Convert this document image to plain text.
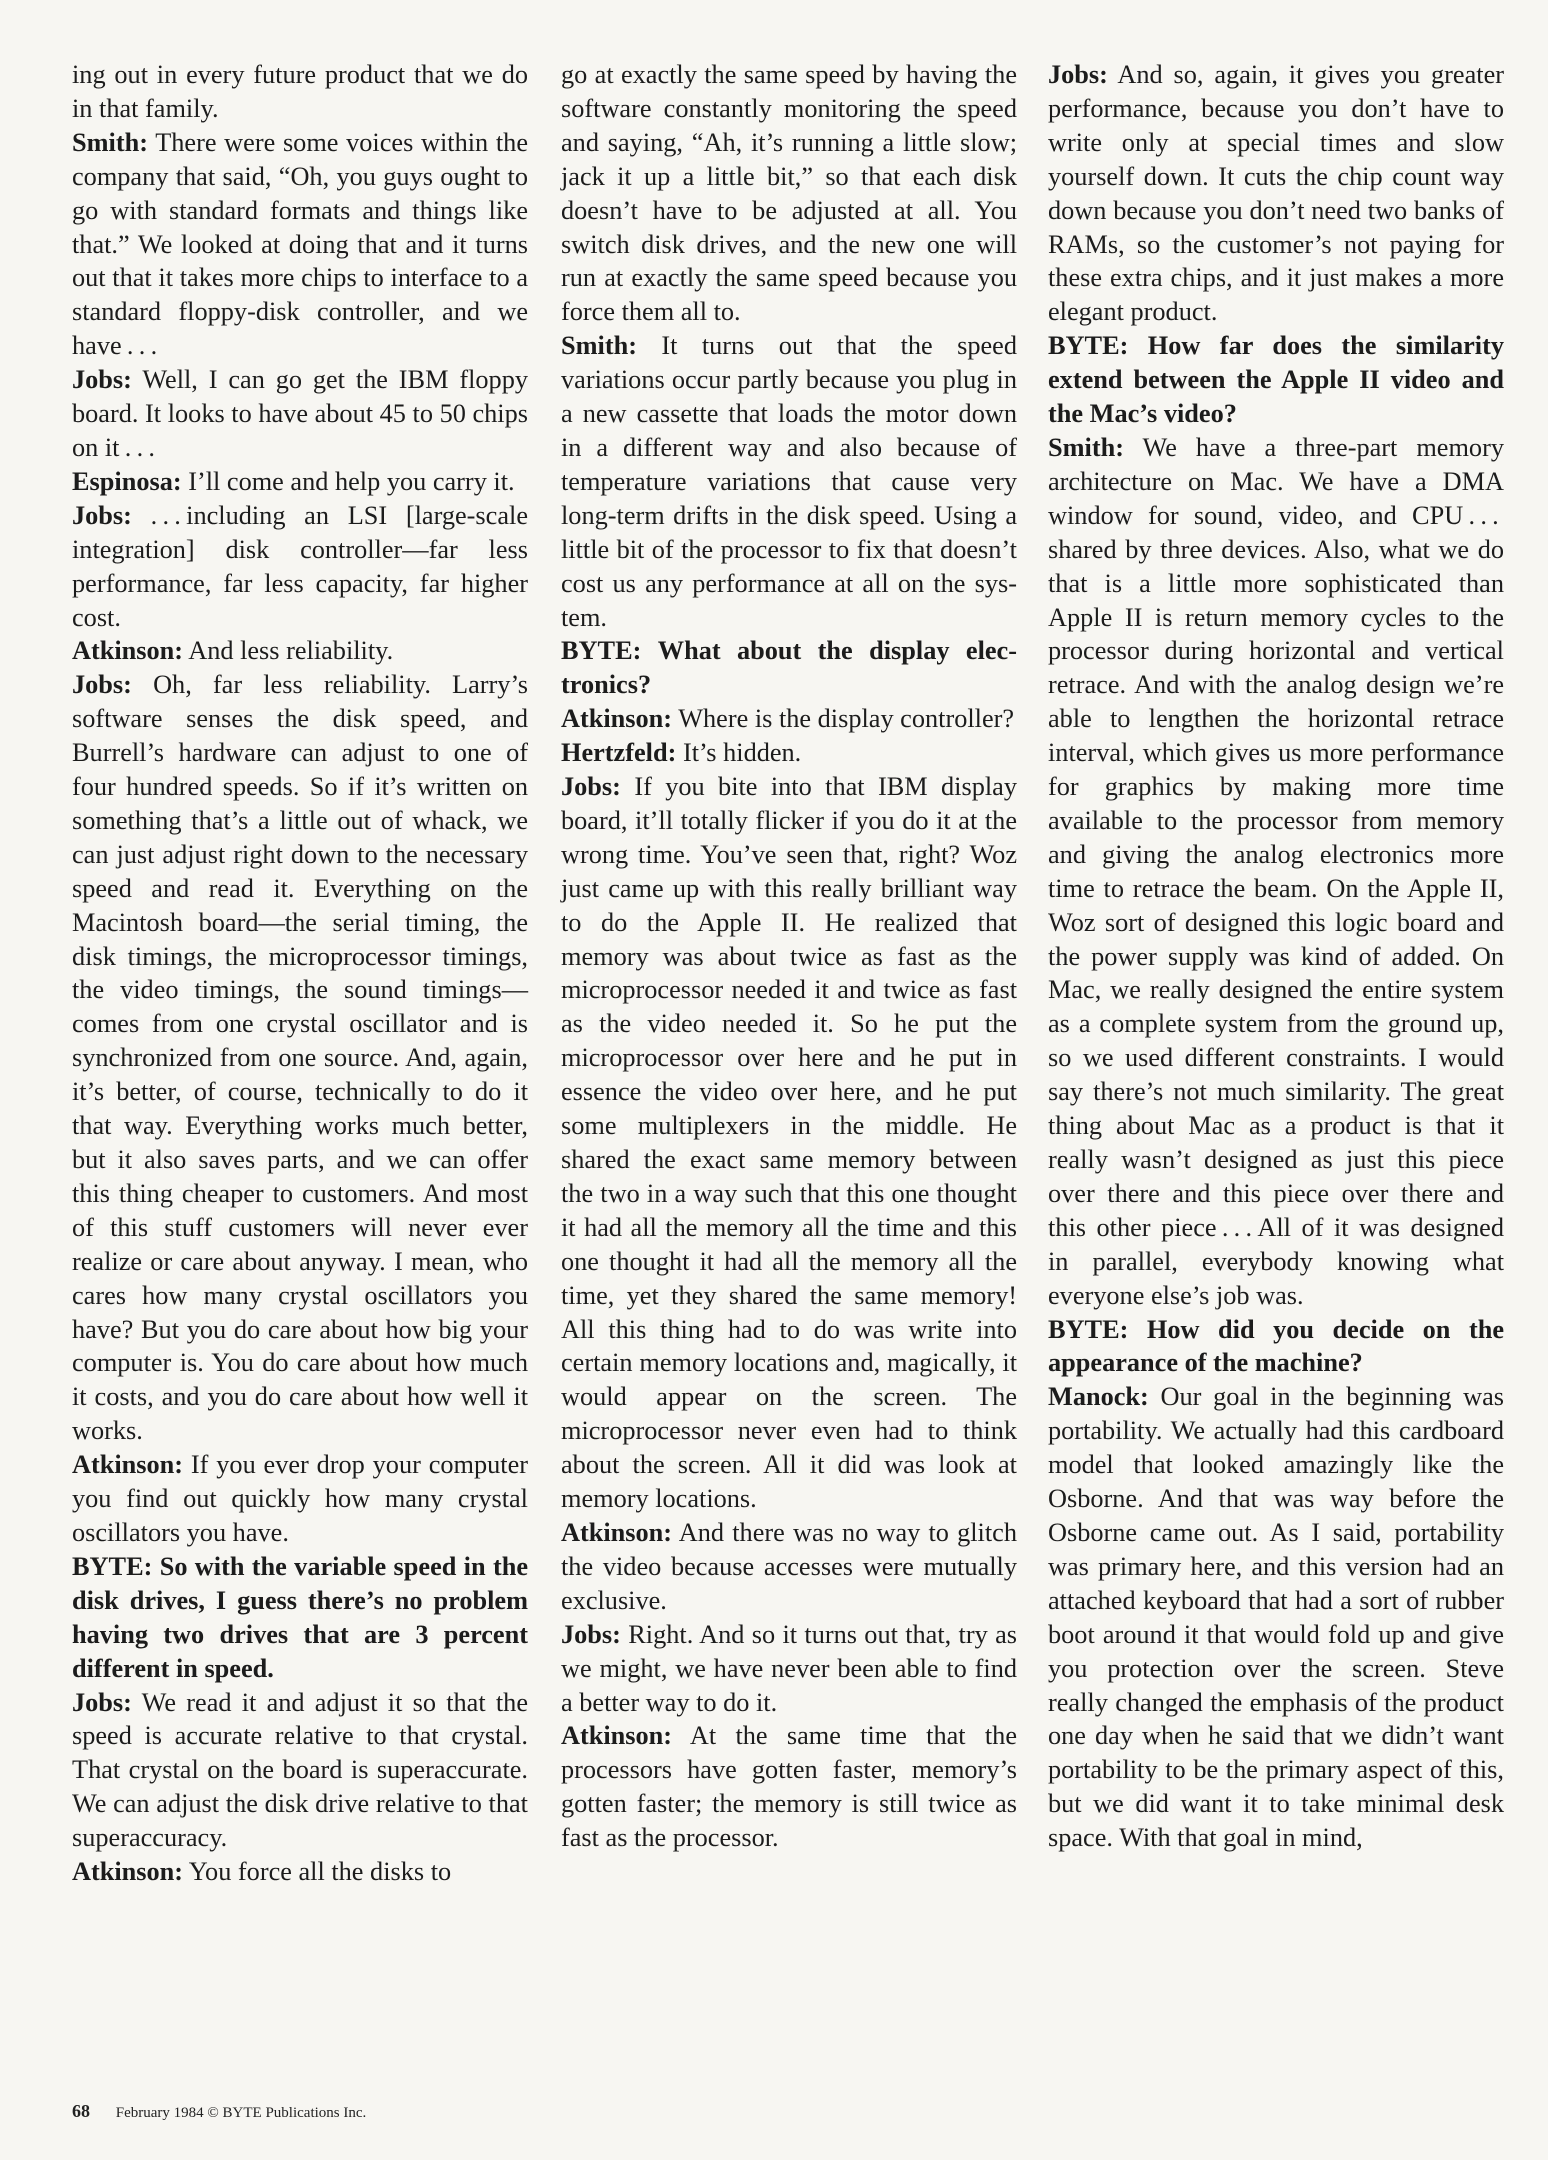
ing out in every future product that we do in that family.

Smith: There were some voices within the company that said, “Oh, you guys ought to go with standard formats and things like that.” We looked at doing that and it turns out that it takes more chips to interface to a standard floppy-disk controller, and we have . . .

Jobs: Well, I can go get the IBM floppy board. It looks to have about 45 to 50 chips on it . . .

Espinosa: I’ll come and help you carry it.

Jobs: . . . including an LSI [large-scale integration] disk controller—far less performance, far less capacity, far higher cost.

Atkinson: And less reliability.

Jobs: Oh, far less reliability. Larry’s software senses the disk speed, and Burrell’s hardware can adjust to one of four hundred speeds. So if it’s written on something that’s a little out of whack, we can just adjust right down to the necessary speed and read it. Everything on the Macintosh board—the serial timing, the disk timings, the microprocessor timings, the video timings, the sound timings—comes from one crystal oscillator and is synchronized from one source. And, again, it’s better, of course, technically to do it that way. Everything works much better, but it also saves parts, and we can offer this thing cheaper to customers. And most of this stuff customers will never ever realize or care about anyway. I mean, who cares how many crystal oscillators you have? But you do care about how big your computer is. You do care about how much it costs, and you do care about how well it works.

Atkinson: If you ever drop your computer you find out quickly how many crystal oscillators you have.

BYTE: So with the variable speed in the disk drives, I guess there’s no problem having two drives that are 3 percent different in speed.

Jobs: We read it and adjust it so that the speed is accurate relative to that crystal. That crystal on the board is superaccurate. We can adjust the disk drive relative to that superaccuracy.

Atkinson: You force all the disks to

go at exactly the same speed by having the software constantly monitoring the speed and saying, “Ah, it’s running a little slow; jack it up a little bit,” so that each disk doesn’t have to be adjusted at all. You switch disk drives, and the new one will run at exactly the same speed because you force them all to.

Smith: It turns out that the speed variations occur partly because you plug in a new cassette that loads the motor down in a different way and also because of temperature variations that cause very long-term drifts in the disk speed. Using a little bit of the processor to fix that doesn’t cost us any performance at all on the system.

BYTE: What about the display electronics?

Atkinson: Where is the display controller?

Hertzfeld: It’s hidden.

Jobs: If you bite into that IBM display board, it’ll totally flicker if you do it at the wrong time. You’ve seen that, right? Woz just came up with this really brilliant way to do the Apple II. He realized that memory was about twice as fast as the microprocessor needed it and twice as fast as the video needed it. So he put the microprocessor over here and he put in essence the video over here, and he put some multiplexers in the middle. He shared the exact same memory between the two in a way such that this one thought it had all the memory all the time and this one thought it had all the memory all the time, yet they shared the same memory! All this thing had to do was write into certain memory locations and, magically, it would appear on the screen. The microprocessor never even had to think about the screen. All it did was look at memory locations.

Atkinson: And there was no way to glitch the video because accesses were mutually exclusive.

Jobs: Right. And so it turns out that, try as we might, we have never been able to find a better way to do it.

Atkinson: At the same time that the processors have gotten faster, memory’s gotten faster; the memory is still twice as fast as the processor.

Jobs: And so, again, it gives you greater performance, because you don’t have to write only at special times and slow yourself down. It cuts the chip count way down because you don’t need two banks of RAMs, so the customer’s not paying for these extra chips, and it just makes a more elegant product.

BYTE: How far does the similarity extend between the Apple II video and the Mac’s video?

Smith: We have a three-part memory architecture on Mac. We have a DMA window for sound, video, and CPU . . . shared by three devices. Also, what we do that is a little more sophisticated than Apple II is return memory cycles to the processor during horizontal and vertical retrace. And with the analog design we’re able to lengthen the horizontal retrace interval, which gives us more performance for graphics by making more time available to the processor from memory and giving the analog electronics more time to retrace the beam. On the Apple II, Woz sort of designed this logic board and the power supply was kind of added. On Mac, we really designed the entire system as a complete system from the ground up, so we used different constraints. I would say there’s not much similarity. The great thing about Mac as a product is that it really wasn’t designed as just this piece over there and this piece over there and this other piece . . . All of it was designed in parallel, everybody knowing what everyone else’s job was.

BYTE: How did you decide on the appearance of the machine?

Manock: Our goal in the beginning was portability. We actually had this cardboard model that looked amazingly like the Osborne. And that was way before the Osborne came out. As I said, portability was primary here, and this version had an attached keyboard that had a sort of rubber boot around it that would fold up and give you protection over the screen. Steve really changed the emphasis of the product one day when he said that we didn’t want portability to be the primary aspect of this, but we did want it to take minimal desk space. With that goal in mind,

68 February 1984 © BYTE Publications Inc.
